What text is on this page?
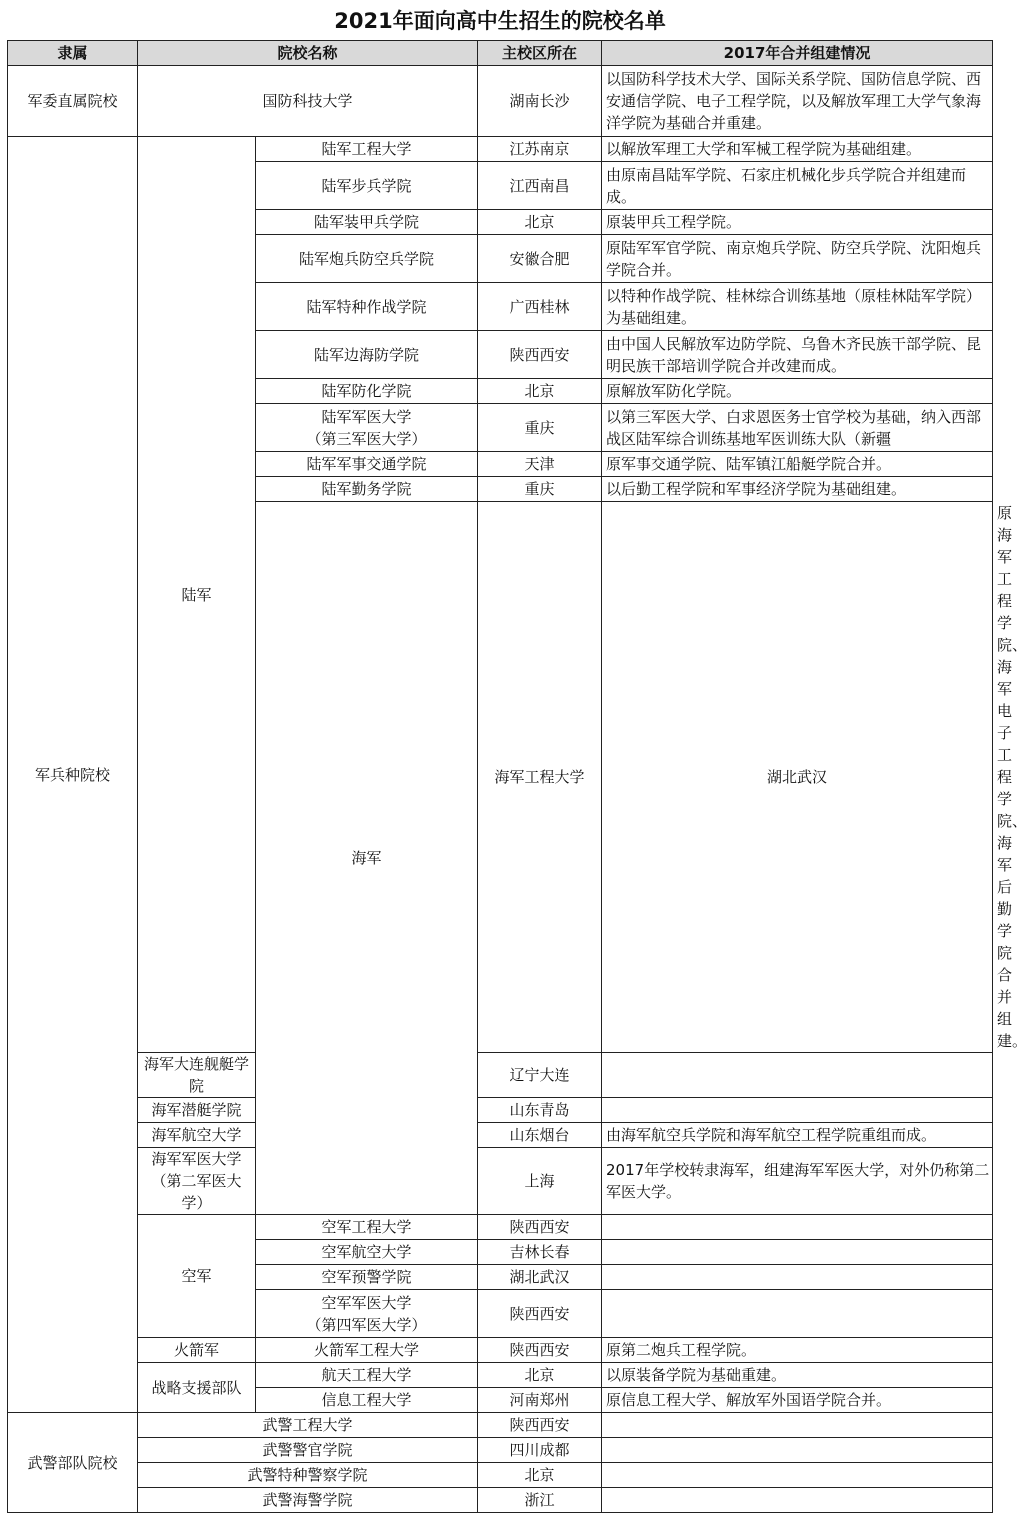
2021年面向高中生招生的院校名单
隶属	院校名称		主校区所在	2017年合并组建情况	
军委直属院校	国防科技大学		湖南长沙	以国防科学技术大学、国际关系学院、国防信息学院、西安通信学院、电子工程学院，以及解放军理工大学气象海洋学院为基础合并重建。	
军兵种院校	陆军	陆军工程大学	江苏南京	以解放军理工大学和军械工程学院为基础组建。	
		陆军步兵学院	江西南昌	由原南昌陆军学院、石家庄机械化步兵学院合并组建而成。	
		陆军装甲兵学院	北京	原装甲兵工程学院。	
		陆军炮兵防空兵学院	安徽合肥	原陆军军官学院、南京炮兵学院、防空兵学院、沈阳炮兵学院合并。	
		陆军特种作战学院	广西桂林	以特种作战学院、桂林综合训练基地（原桂林陆军学院）为基础组建。	
		陆军边海防学院	陕西西安	由中国人民解放军边防学院、乌鲁木齐民族干部学院、昆明民族干部培训学院合并改建而成。	
		陆军防化学院	北京	原解放军防化学院。	

		陆军军医大学
（第三军医大学）	重庆	以第三军医大学、白求恩医务士官学校为基础，纳入西部战区陆军综合训练基地军医训练大队（新疆	
		陆军军事交通学院	天津	原军事交通学院、陆军镇江船艇学院合并。	
		陆军勤务学院	重庆	以后勤工程学院和军事经济学院为基础组建。	
		海军	海军工程大学	湖北武汉	原海军工程学院、海军电子工程学院、海军后勤学院合并组建。
	海军大连舰艇学院		辽宁大连		
	海军潜艇学院		山东青岛		
	海军航空大学		山东烟台	由海军航空兵学院和海军航空工程学院重组而成。	

	海军军医大学
（第二军医大学）		上海	2017年学校转隶海军，组建海军军医大学，对外仍称第二军医大学。	
	空军	空军工程大学	陕西西安		
		空军航空大学	吉林长春		
		空军预警学院	湖北武汉		

		空军军医大学
（第四军医大学）	陕西西安		
	火箭军	火箭军工程大学	陕西西安	原第二炮兵工程学院。	
	战略支援部队	航天工程大学	北京	以原装备学院为基础重建。	
		信息工程大学	河南郑州	原信息工程大学、解放军外国语学院合并。	
武警部队院校	武警工程大学		陕西西安		
	武警警官学院		四川成都		
	武警特种警察学院		北京		
	武警海警学院		浙江		
